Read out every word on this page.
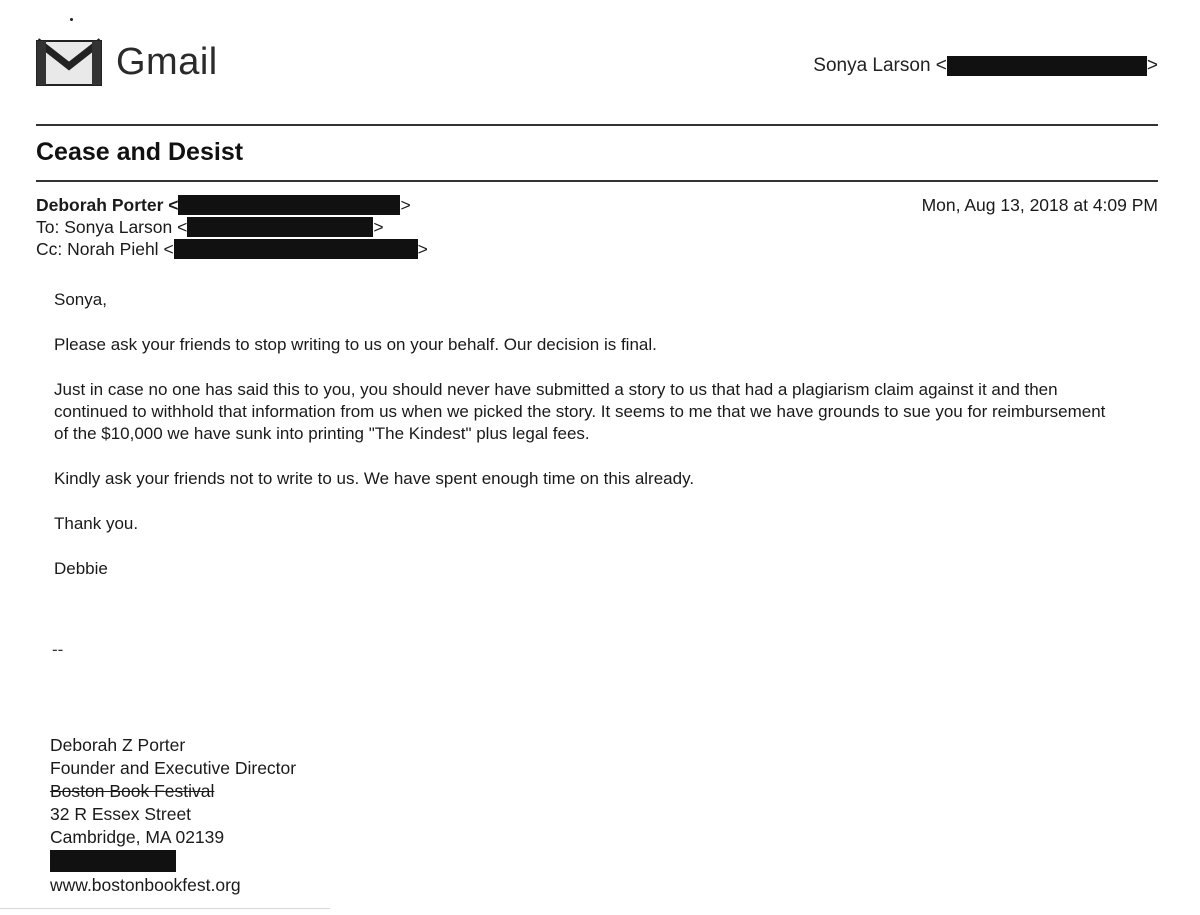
Gmail	Sonya Larson <	>
Cease and Desist
Deborah Porter <	>
To:
Sonya Larson <	>
Cc:
Norah Piehl <	>
Mon, Aug 13, 2018 at 4:09 PM

Sonya,

Please ask your friends to stop writing to us on your behalf. Our decision is final.

Just in case no one has said this to you, you should never have submitted a story to us that had a plagiarism claim against it and then continued to withhold that information from us when we picked the story. It seems to me that we have grounds to sue you for reimbursement of the $10,000 we have sunk into printing "The Kindest" plus legal fees.

Kindly ask your friends not to write to us. We have spent enough time on this already.

Thank you.

Debbie

--
Deborah Z Porter
Founder and Executive Director
Boston Book Festival
32 R Essex Street
Cambridge, MA 02139
www.bostonbookfest.org
